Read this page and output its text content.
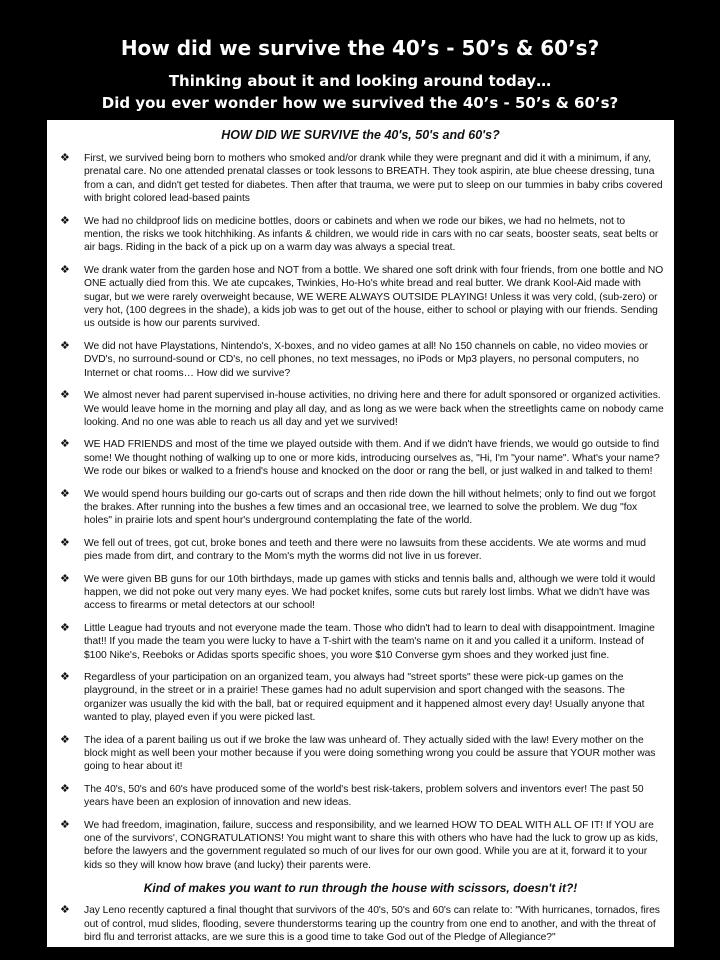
How did we survive the 40’s - 50’s & 60’s?
Thinking about it and looking around today…
Did you ever wonder how we survived the 40’s - 50’s & 60’s?
HOW DID WE SURVIVE the 40's, 50's and 60's?
❖	First, we survived being born to mothers who smoked and/or drank while they were pregnant and did it with a minimum, if any, prenatal care. No one attended prenatal classes or took lessons to BREATH. They took aspirin, ate blue cheese dressing, tuna from a can, and didn't get tested for diabetes. Then after that trauma, we were put to sleep on our tummies in baby cribs covered with bright colored lead-based paints
❖	We had no childproof lids on medicine bottles, doors or cabinets and when we rode our bikes, we had no helmets, not to mention, the risks we took hitchhiking. As infants & children, we would ride in cars with no car seats, booster seats, seat belts or air bags. Riding in the back of a pick up on a warm day was always a special treat.
❖	We drank water from the garden hose and NOT from a bottle. We shared one soft drink with four friends, from one bottle and NO ONE actually died from this. We ate cupcakes, Twinkies, Ho-Ho's white bread and real butter. We drank Kool-Aid made with sugar, but we were rarely overweight because, WE WERE ALWAYS OUTSIDE PLAYING! Unless it was very cold, (sub-zero) or very hot, (100 degrees in the shade), a kids job was to get out of the house, either to school or playing with our friends. Sending us outside is how our parents survived.
❖	We did not have Playstations, Nintendo's, X-boxes, and no video games at all! No 150 channels on cable, no video movies or DVD's, no surround-sound or CD's, no cell phones, no text messages, no iPods or Mp3 players, no personal computers, no Internet or chat rooms… How did we survive?
❖	We almost never had parent supervised in-house activities, no driving here and there for adult sponsored or organized activities. We would leave home in the morning and play all day, and as long as we were back when the streetlights came on nobody came looking. And no one was able to reach us all day and yet we survived!
❖	WE HAD FRIENDS and most of the time we played outside with them. And if we didn't have friends, we would go outside to find some! We thought nothing of walking up to one or more kids, introducing ourselves as, "Hi, I'm "your name". What's your name? We rode our bikes or walked to a friend's house and knocked on the door or rang the bell, or just walked in and talked to them!
❖	We would spend hours building our go-carts out of scraps and then ride down the hill without helmets; only to find out we forgot the brakes. After running into the bushes a few times and an occasional tree, we learned to solve the problem. We dug "fox holes" in prairie lots and spent hour's underground contemplating the fate of the world.
❖	We fell out of trees, got cut, broke bones and teeth and there were no lawsuits from these accidents. We ate worms and mud pies made from dirt, and contrary to the Mom's myth the worms did not live in us forever.
❖	We were given BB guns for our 10th birthdays, made up games with sticks and tennis balls and, although we were told it would happen, we did not poke out very many eyes. We had pocket knifes, some cuts but rarely lost limbs. What we didn't have was access to firearms or metal detectors at our school!
❖	Little League had tryouts and not everyone made the team. Those who didn't had to learn to deal with disappointment. Imagine that!! If you made the team you were lucky to have a T-shirt with the team's name on it and you called it a uniform. Instead of $100 Nike's, Reeboks or Adidas sports specific shoes, you wore $10 Converse gym shoes and they worked just fine.
❖	Regardless of your participation on an organized team, you always had "street sports" these were pick-up games on the playground, in the street or in a prairie! These games had no adult supervision and sport changed with the seasons. The organizer was usually the kid with the ball, bat or required equipment and it happened almost every day! Usually anyone that wanted to play, played even if you were picked last.
❖	The idea of a parent bailing us out if we broke the law was unheard of. They actually sided with the law! Every mother on the block might as well been your mother because if you were doing something wrong you could be assure that YOUR mother was going to hear about it!
❖	The 40's, 50's and 60's have produced some of the world's best risk-takers, problem solvers and inventors ever! The past 50 years have been an explosion of innovation and new ideas.
❖	We had freedom, imagination, failure, success and responsibility, and we learned HOW TO DEAL WITH ALL OF IT! If YOU are one of the survivors', CONGRATULATIONS! You might want to share this with others who have had the luck to grow up as kids, before the lawyers and the government regulated so much of our lives for our own good. While you are at it, forward it to your kids so they will know how brave (and lucky) their parents were.
Kind of makes you want to run through the house with scissors, doesn't it?!
❖	Jay Leno recently captured a final thought that survivors of the 40's, 50's and 60's can relate to: "With hurricanes, tornados, fires out of control, mud slides, flooding, severe thunderstorms tearing up the country from one end to another, and with the threat of bird flu and terrorist attacks, are we sure this is a good time to take God out of the Pledge of Allegiance?"
